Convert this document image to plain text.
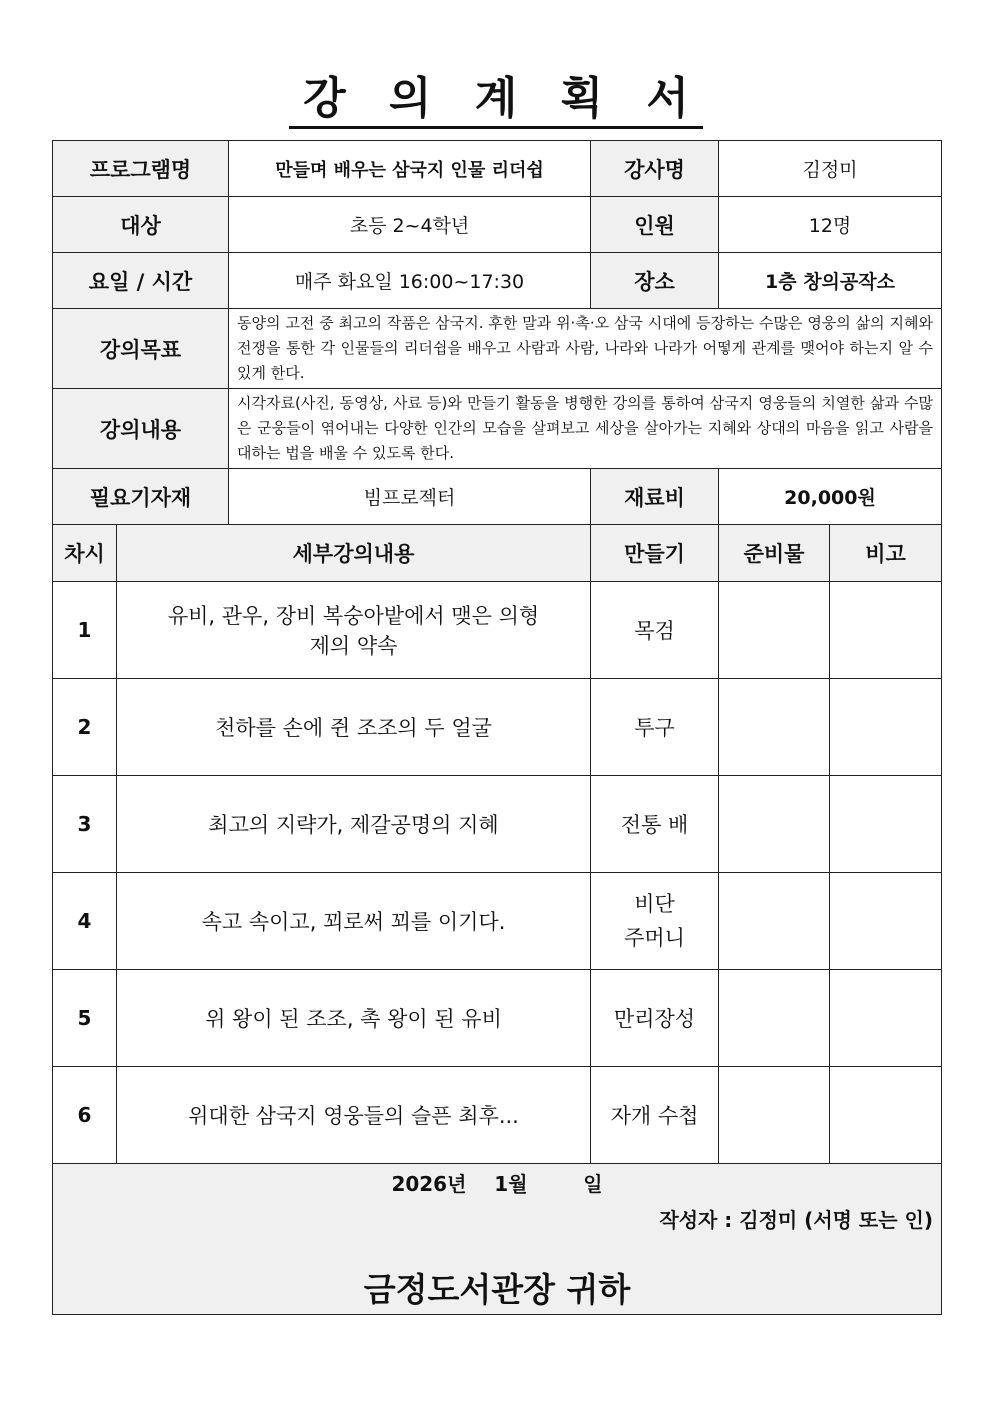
강 의 계 획 서
프로그램명		만들며 배우는 삼국지 인물 리더쉽	강사명	김정미	
대상		초등 2~4학년	인원	12명	
요일 / 시간		매주 화요일 16:00~17:30	장소	1층 창의공작소	
강의목표		동양의 고전 중 최고의 작품은 삼국지. 후한 말과 위·촉·오 삼국 시대에 등장하는 수많은 영웅의 삶의 지혜와 전쟁을 통한 각 인물들의 리더쉽을 배우고 사람과 사람, 나라와 나라가 어떻게 관계를 맺어야 하는지 알 수 있게 한다.			
강의내용		시각자료(사진, 동영상, 사료 등)와 만들기 활동을 병행한 강의를 통하여 삼국지 영웅들의 치열한 삶과 수많은 군웅들이 엮어내는 다양한 인간의 모습을 살펴보고 세상을 살아가는 지혜와 상대의 마음을 읽고 사람을 대하는 법을 배울 수 있도록 한다.			
필요기자재		빔프로젝터	재료비	20,000원	
차시	세부강의내용		만들기	준비물	비고
1	유비, 관우, 장비 복숭아밭에서 맺은 의형제의 약속		목검		
2	천하를 손에 쥔 조조의 두 얼굴		투구		
3	최고의 지략가, 제갈공명의 지혜		전통 배		
4	속고 속이고, 꾀로써 꾀를 이기다.		비단 주머니		
5	위 왕이 된 조조, 촉 왕이 된 유비		만리장성		
6	위대한 삼국지 영웅들의 슬픈 최후...		자개 수첩		

2026년    1월        일
작성자 : 김정미 (서명 또는 인)
금정도서관장 귀하					
